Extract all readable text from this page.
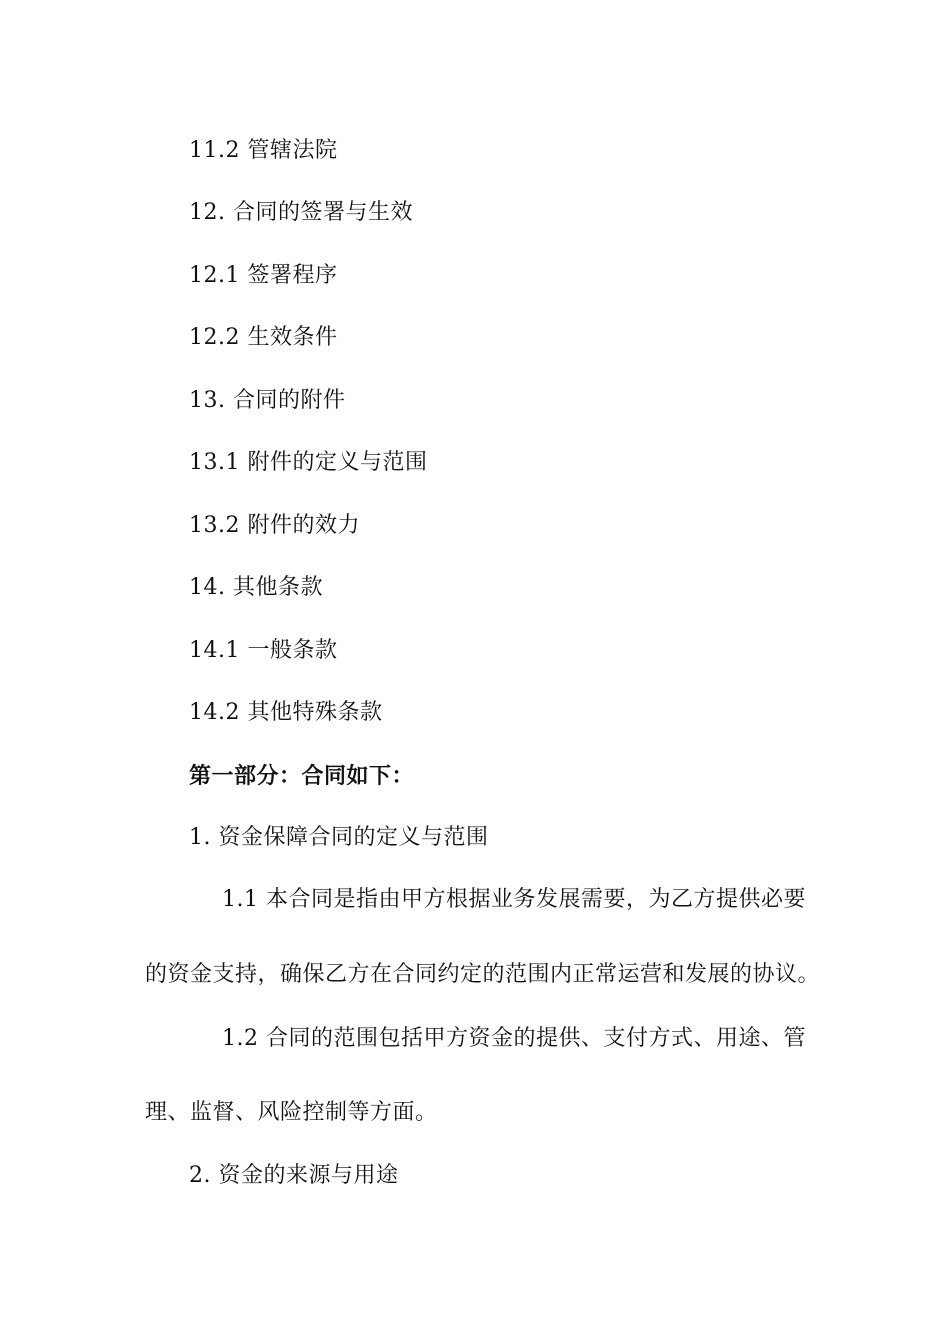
11.2 管辖法院
12. 合同的签署与生效
12.1 签署程序
12.2 生效条件
13. 合同的附件
13.1 附件的定义与范围
13.2 附件的效力
14. 其他条款
14.1 一般条款
14.2 其他特殊条款
第一部分：合同如下：
1. 资金保障合同的定义与范围
1.1 本合同是指由甲方根据业务发展需要，为乙方提供必要
的资金支持，确保乙方在合同约定的范围内正常运营和发展的协议。
1.2 合同的范围包括甲方资金的提供、支付方式、用途、管
理、监督、风险控制等方面。
2. 资金的来源与用途
